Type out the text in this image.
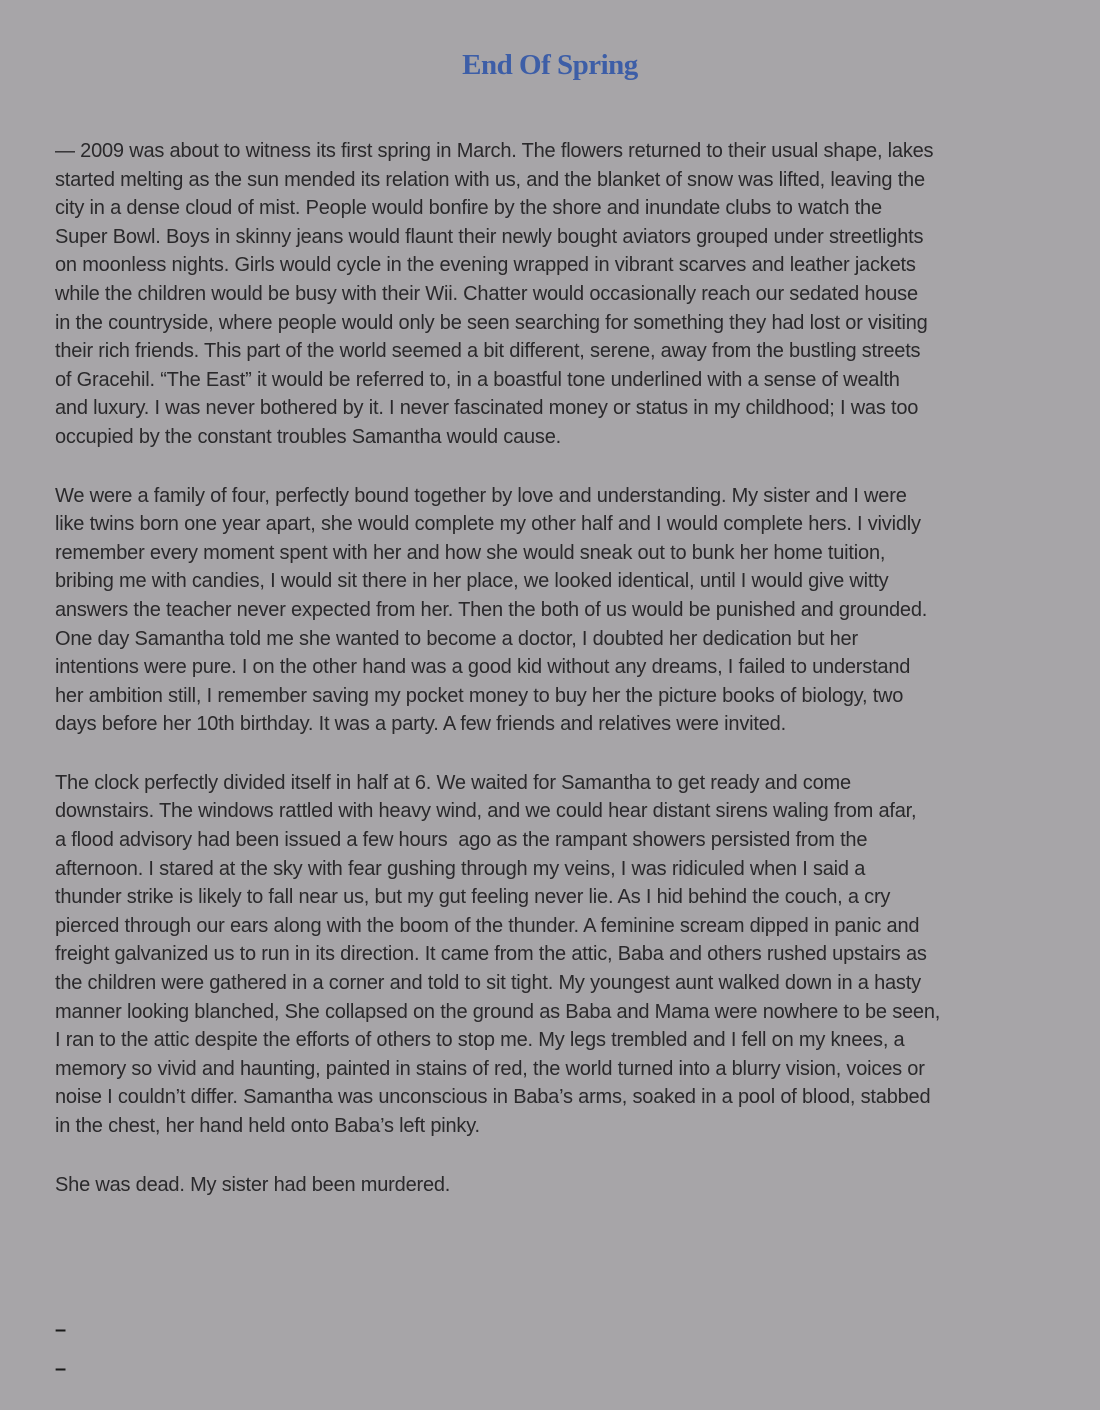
End Of Spring
— 2009 was about to witness its first spring in March. The flowers returned to their usual shape, lakes
started melting as the sun mended its relation with us, and the blanket of snow was lifted, leaving the
city in a dense cloud of mist. People would bonfire by the shore and inundate clubs to watch the
Super Bowl. Boys in skinny jeans would flaunt their newly bought aviators grouped under streetlights
on moonless nights. Girls would cycle in the evening wrapped in vibrant scarves and leather jackets
while the children would be busy with their Wii. Chatter would occasionally reach our sedated house
in the countryside, where people would only be seen searching for something they had lost or visiting
their rich friends. This part of the world seemed a bit different, serene, away from the bustling streets
of Gracehil. “The East” it would be referred to, in a boastful tone underlined with a sense of wealth
and luxury. I was never bothered by it. I never fascinated money or status in my childhood; I was too
occupied by the constant troubles Samantha would cause.
We were a family of four, perfectly bound together by love and understanding. My sister and I were
like twins born one year apart, she would complete my other half and I would complete hers. I vividly
remember every moment spent with her and how she would sneak out to bunk her home tuition,
bribing me with candies, I would sit there in her place, we looked identical, until I would give witty
answers the teacher never expected from her. Then the both of us would be punished and grounded.
One day Samantha told me she wanted to become a doctor, I doubted her dedication but her
intentions were pure. I on the other hand was a good kid without any dreams, I failed to understand
her ambition still, I remember saving my pocket money to buy her the picture books of biology, two
days before her 10th birthday. It was a party. A few friends and relatives were invited.
The clock perfectly divided itself in half at 6. We waited for Samantha to get ready and come
downstairs. The windows rattled with heavy wind, and we could hear distant sirens waling from afar,
a flood advisory had been issued a few hours  ago as the rampant showers persisted from the
afternoon. I stared at the sky with fear gushing through my veins, I was ridiculed when I said a
thunder strike is likely to fall near us, but my gut feeling never lie. As I hid behind the couch, a cry
pierced through our ears along with the boom of the thunder. A feminine scream dipped in panic and
freight galvanized us to run in its direction. It came from the attic, Baba and others rushed upstairs as
the children were gathered in a corner and told to sit tight. My youngest aunt walked down in a hasty
manner looking blanched, She collapsed on the ground as Baba and Mama were nowhere to be seen,
I ran to the attic despite the efforts of others to stop me. My legs trembled and I fell on my knees, a
memory so vivid and haunting, painted in stains of red, the world turned into a blurry vision, voices or
noise I couldn’t differ. Samantha was unconscious in Baba’s arms, soaked in a pool of blood, stabbed
in the chest, her hand held onto Baba’s left pinky.
She was dead. My sister had been murdered.
–
–
